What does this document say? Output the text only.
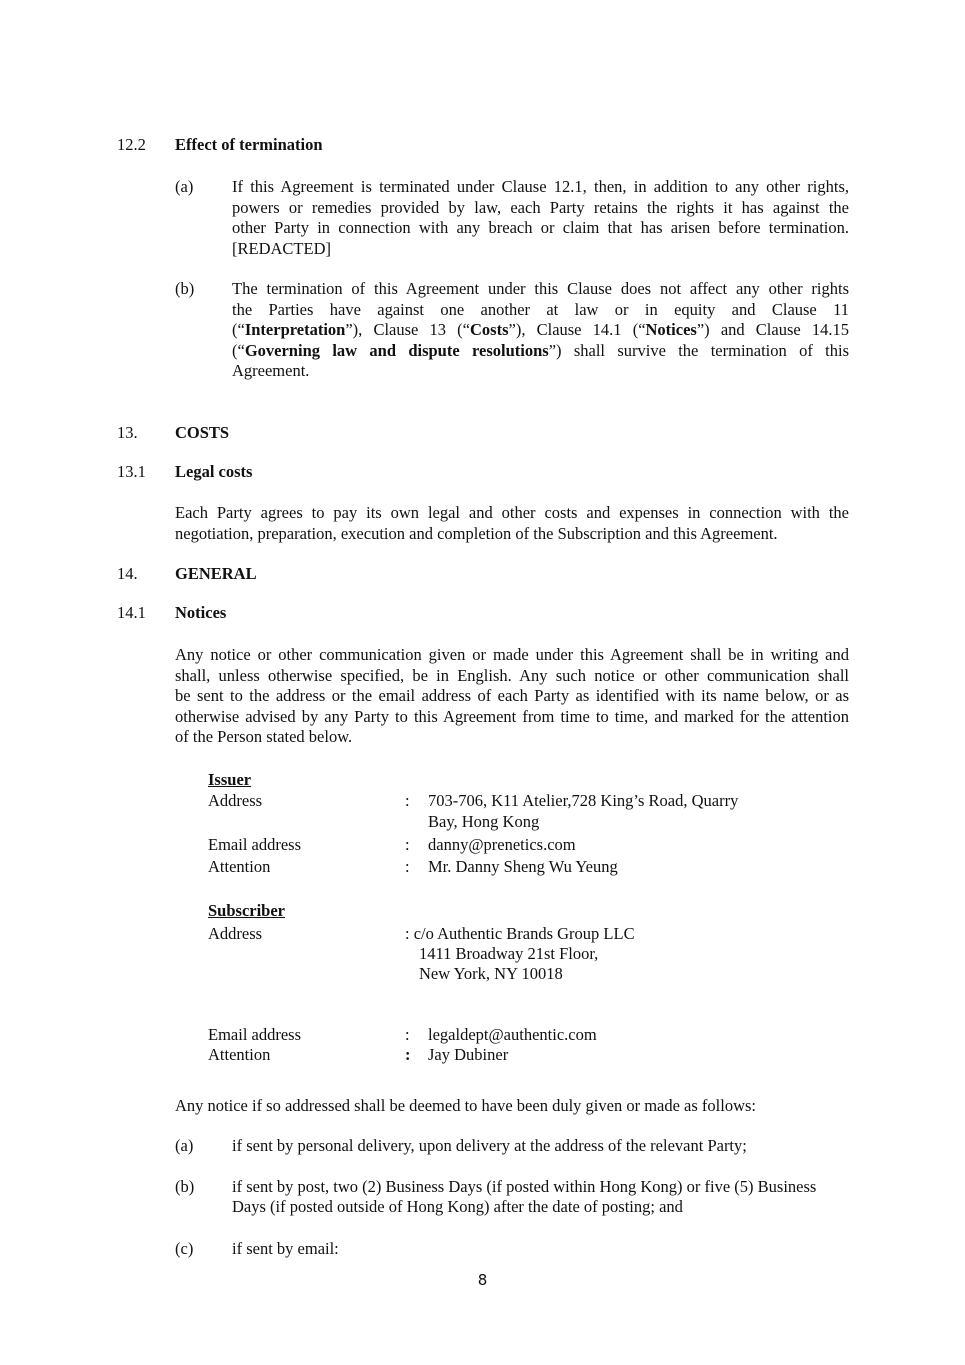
12.2 Effect of termination
(a) If this Agreement is terminated under Clause 12.1, then, in addition to any other rights,
powers or remedies provided by law, each Party retains the rights it has against the
other Party in connection with any breach or claim that has arisen before termination.
[REDACTED]
(b) The termination of this Agreement under this Clause does not affect any other rights
the Parties have against one another at law or in equity and Clause 11
(“Interpretation”), Clause 13 (“Costs”), Clause 14.1 (“Notices”) and Clause 14.15
(“Governing law and dispute resolutions”) shall survive the termination of this
Agreement.
13. COSTS
13.1 Legal costs
Each Party agrees to pay its own legal and other costs and expenses in connection with the
negotiation, preparation, execution and completion of the Subscription and this Agreement.
14. GENERAL
14.1 Notices
Any notice or other communication given or made under this Agreement shall be in writing and
shall, unless otherwise specified, be in English. Any such notice or other communication shall
be sent to the address or the email address of each Party as identified with its name below, or as
otherwise advised by any Party to this Agreement from time to time, and marked for the attention
of the Person stated below.
Issuer
Address	: 703-706, K11 Atelier,728 King’s Road, Quarry
Bay, Hong Kong
Email address	: danny@prenetics.com
Attention	: Mr. Danny Sheng Wu Yeung
Subscriber
Address	: c/o Authentic Brands Group LLC
1411 Broadway 21st Floor,
New York, NY 10018
Email address	: legaldept@authentic.com
Attention	: Jay Dubiner
Any notice if so addressed shall be deemed to have been duly given or made as follows:
(a) if sent by personal delivery, upon delivery at the address of the relevant Party;
(b) if sent by post, two (2) Business Days (if posted within Hong Kong) or five (5) Business
Days (if posted outside of Hong Kong) after the date of posting; and
(c) if sent by email:
8
